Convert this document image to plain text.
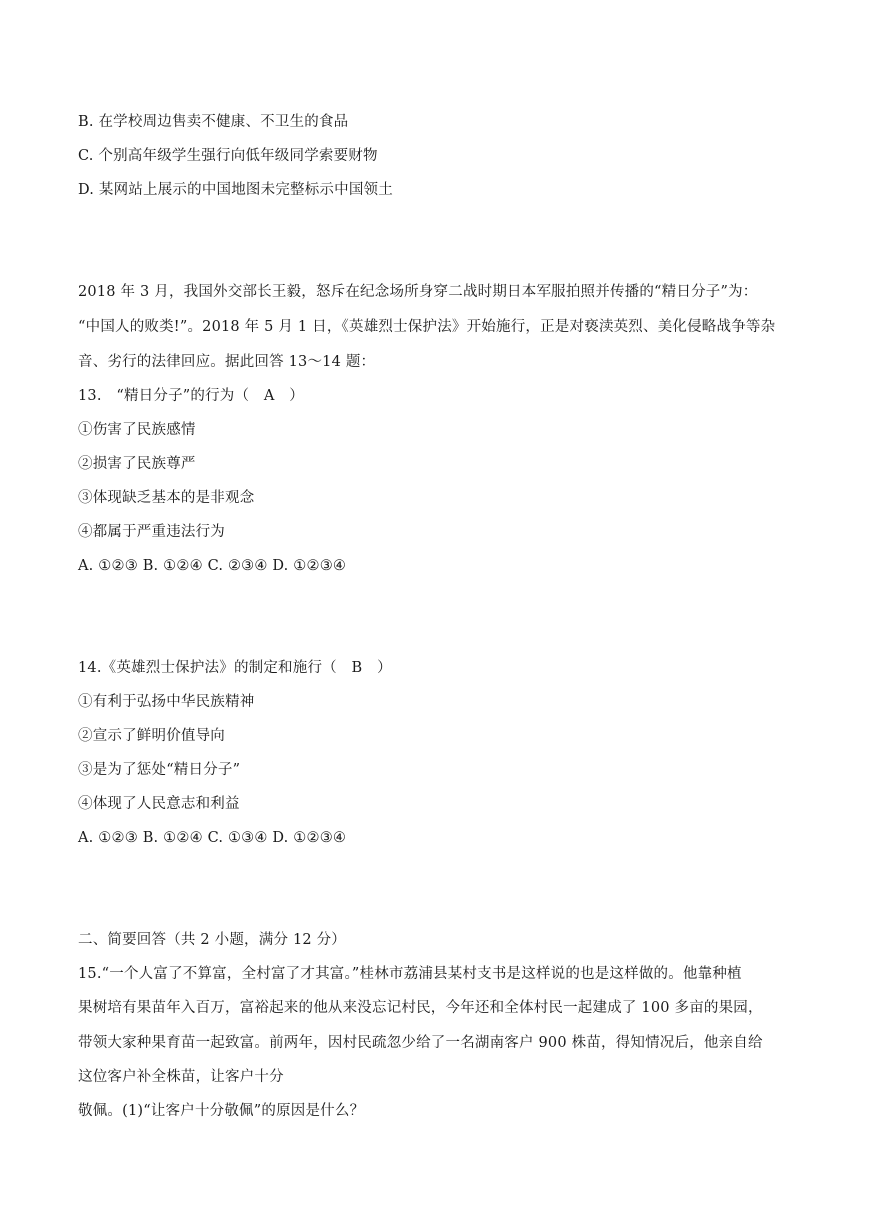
B. 在学校周边售卖不健康、不卫生的食品
C. 个别高年级学生强行向低年级同学索要财物
D. 某网站上展示的中国地图未完整标示中国领土
2018 年 3 月，我国外交部长王毅，怒斥在纪念场所身穿二战时期日本军服拍照并传播的“精日分子”为：
“中国人的败类!”。2018 年 5 月 1 日，《英雄烈士保护法》开始施行，正是对亵渎英烈、美化侵略战争等杂
音、劣行的法律回应。据此回答 13～14 题：
13.　“精日分子”的行为（　A　）
①伤害了民族感情
②损害了民族尊严
③体现缺乏基本的是非观念
④都属于严重违法行为
A. ①②③ B. ①②④ C. ②③④ D. ①②③④
14.《英雄烈士保护法》的制定和施行（　B　）
①有利于弘扬中华民族精神
②宣示了鲜明价值导向
③是为了惩处“精日分子”
④体现了人民意志和利益
A. ①②③ B. ①②④ C. ①③④ D. ①②③④
二、简要回答（共 2 小题，满分 12 分）
15.“一个人富了不算富，全村富了才其富。”桂林市荔浦县某村支书是这样说的也是这样做的。他靠种植
果树培有果苗年入百万，富裕起来的他从来没忘记村民，今年还和全体村民一起建成了 100 多亩的果园，
带领大家种果育苗一起致富。前两年，因村民疏忽少给了一名湖南客户 900 株苗，得知情况后，他亲自给
这位客户补全株苗，让客户十分
敬佩。(1)“让客户十分敬佩”的原因是什么？
